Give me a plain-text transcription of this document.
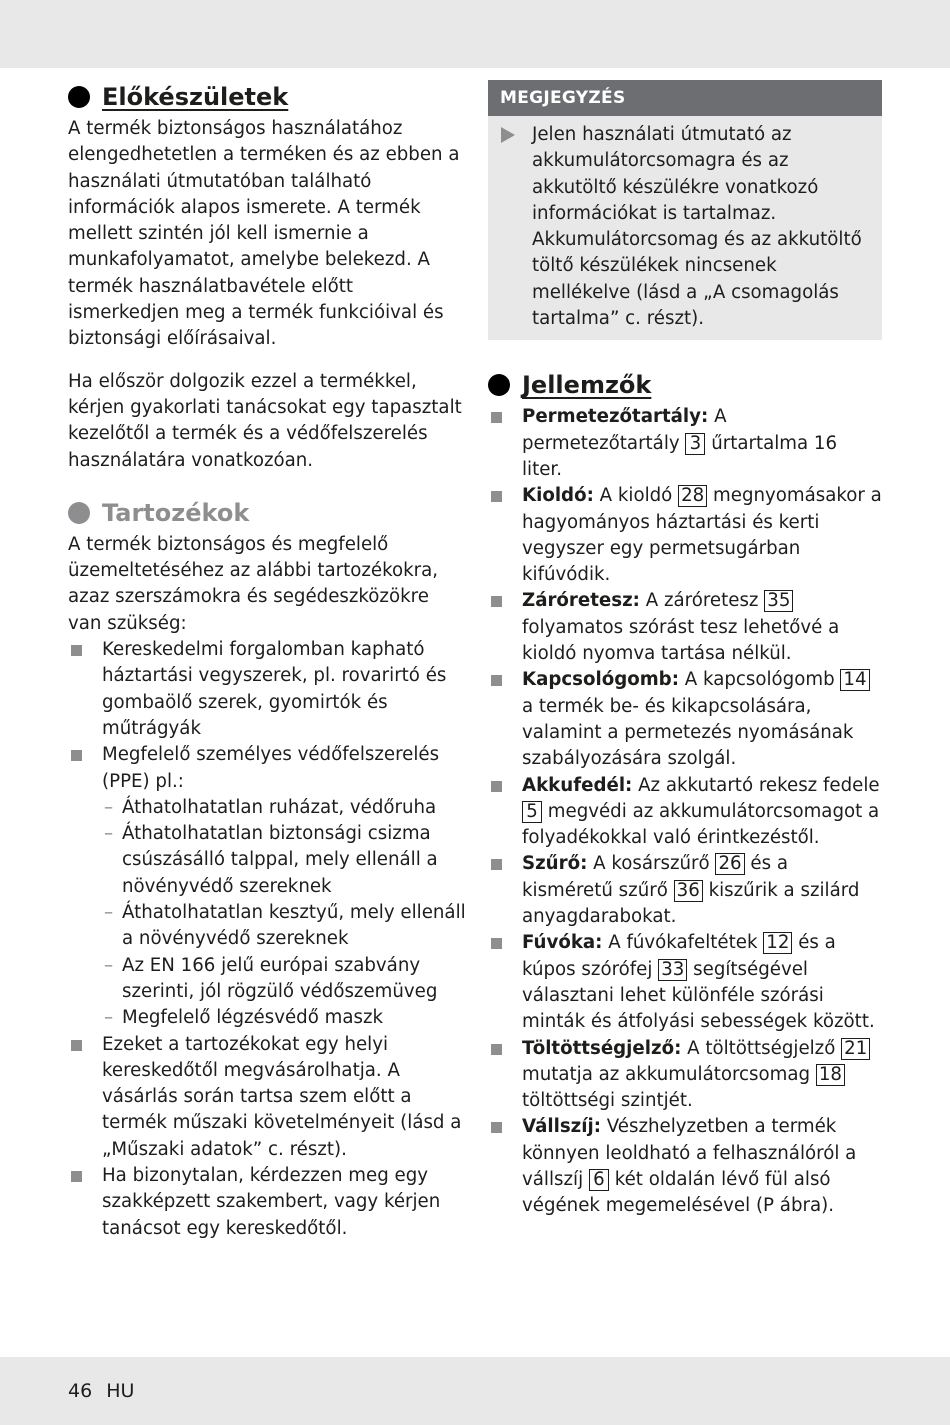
Előkészületek

A termék biztonságos használatához elengedhetetlen a terméken és az ebben a használati útmutatóban található információk alapos ismerete. A termék mellett szintén jól kell ismernie a munkafolyamatot, amelybe belekezd. A termék használatbavétele előtt ismerkedjen meg a termék funkcióival és biztonsági előírásaival.

Ha először dolgozik ezzel a termékkel, kérjen gyakorlati tanácsokat egy tapasztalt kezelőtől a termék és a védőfelszerelés használatára vonatkozóan.

Tartozékok

A termék biztonságos és megfelelő üzemeltetéséhez az alábbi tartozékokra, azaz szerszámokra és segédeszközökre van szükség:

Kereskedelmi forgalomban kapható háztartási vegyszerek, pl. rovarirtó és gombaölő szerek, gyomirtók és műtrágyák
Megfelelő személyes védőfelszerelés (PPE) pl.:
– Áthatolhatatlan ruházat, védőruha
– Áthatolhatatlan biztonsági csizma csúszásálló talppal, mely ellenáll a növényvédő szereknek
– Áthatolhatatlan kesztyű, mely ellenáll a növényvédő szereknek
– Az EN 166 jelű európai szabvány szerinti, jól rögzülő védőszemüveg
– Megfelelő légzésvédő maszk
Ezeket a tartozékokat egy helyi kereskedőtől megvásárolhatja. A vásárlás során tartsa szem előtt a termék műszaki követelményeit (lásd a „Műszaki adatok” c. részt).
Ha bizonytalan, kérdezzen meg egy szakképzett szakembert, vagy kérjen tanácsot egy kereskedőtől.
MEGJEGYZÉS

Jelen használati útmutató az akkumulátorcsomagra és az akkutöltő készülékre vonatkozó információkat is tartalmaz. Akkumulátorcsomag és az akkutöltő töltő készülékek nincsenek mellékelve (lásd a „A csomagolás tartalma” c. részt).

Jellemzők
Permetezőtartály: A permetezőtartály 3 űrtartalma 16 liter.
Kioldó: A kioldó 28 megnyomásakor a hagyományos háztartási és kerti vegyszer egy permetsugárban kifúvódik.
Záróretesz: A záróretesz 35 folyamatos szórást tesz lehetővé a kioldó nyomva tartása nélkül.
Kapcsológomb: A kapcsológomb 14 a termék be- és kikapcsolására, valamint a permetezés nyomásának szabályozására szolgál.
Akkufedél: Az akkutartó rekesz fedele 5 megvédi az akkumulátorcsomagot a folyadékokkal való érintkezéstől.
Szűrő: A kosárszűrő 26 és a kisméretű szűrő 36 kiszűrik a szilárd anyagdarabokat.
Fúvóka: A fúvókafeltétek 12 és a kúpos szórófej 33 segítségével választani lehet különféle szórási minták és átfolyási sebességek között.
Töltöttségjelző: A töltöttségjelző 21 mutatja az akkumulátorcsomag 18 töltöttségi szintjét.
Vállszíj: Vészhelyzetben a termék könnyen leoldható a felhasználóról a vállszíj 6 két oldalán lévő fül alsó végének megemelésével (P ábra).
46 HU
